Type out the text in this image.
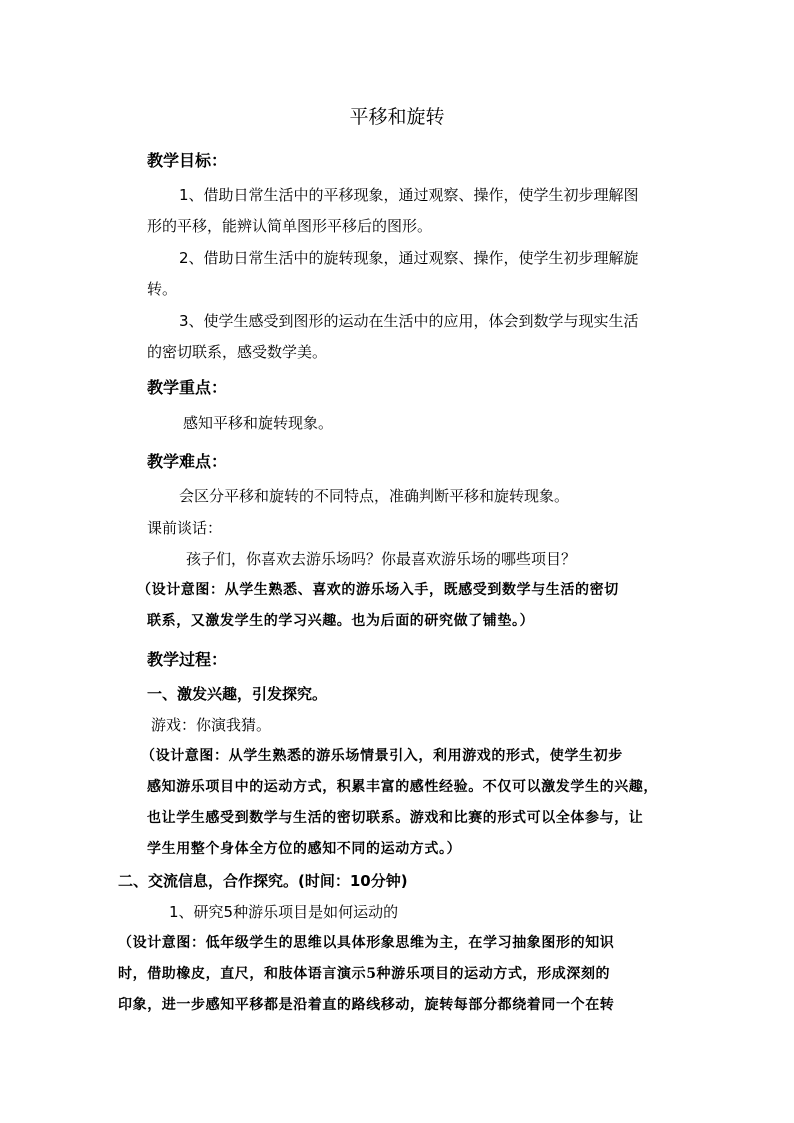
平移和旋转
教学目标：
1、借助日常生活中的平移现象，通过观察、操作，使学生初步理解图
形的平移，能辨认简单图形平移后的图形。
2、借助日常生活中的旋转现象，通过观察、操作，使学生初步理解旋
转。
3、使学生感受到图形的运动在生活中的应用，体会到数学与现实生活
的密切联系，感受数学美。
教学重点：
感知平移和旋转现象。
教学难点：
会区分平移和旋转的不同特点，准确判断平移和旋转现象。
课前谈话：
孩子们，你喜欢去游乐场吗？你最喜欢游乐场的哪些项目？
（设计意图：从学生熟悉、喜欢的游乐场入手，既感受到数学与生活的密切
联系，又激发学生的学习兴趣。也为后面的研究做了铺垫。）
教学过程：
一、激发兴趣，引发探究。
游戏：你演我猜。
（设计意图：从学生熟悉的游乐场情景引入，利用游戏的形式，使学生初步
感知游乐项目中的运动方式，积累丰富的感性经验。不仅可以激发学生的兴趣，
也让学生感受到数学与生活的密切联系。游戏和比赛的形式可以全体参与，让
学生用整个身体全方位的感知不同的运动方式。）
二、交流信息，合作探究。(时间：10分钟)
1、研究5种游乐项目是如何运动的
（设计意图：低年级学生的思维以具体形象思维为主，在学习抽象图形的知识
时，借助橡皮，直尺，和肢体语言演示5种游乐项目的运动方式，形成深刻的
印象，进一步感知平移都是沿着直的路线移动，旋转每部分都绕着同一个在转
